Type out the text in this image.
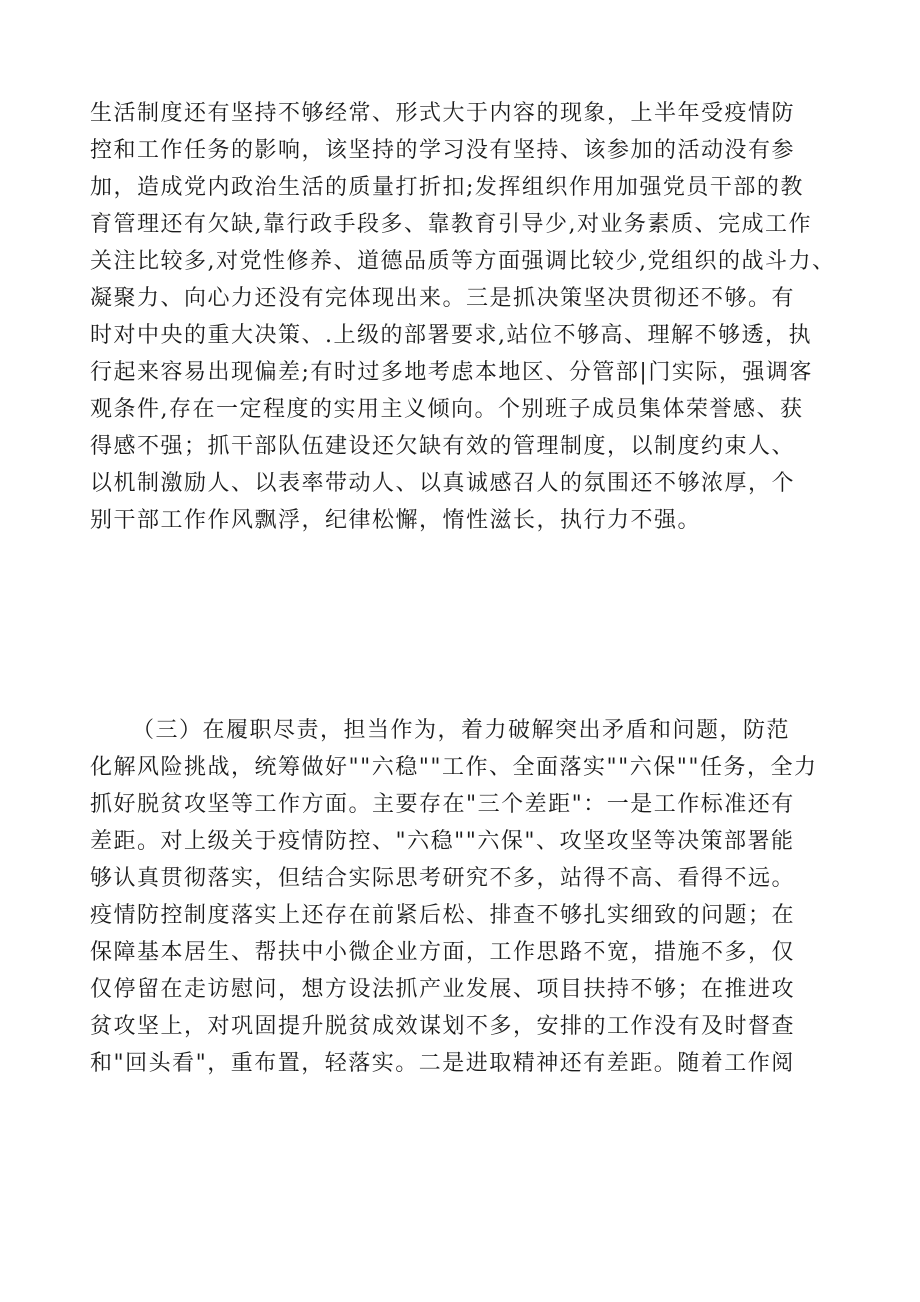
生活制度还有坚持不够经常、形式大于内容的现象，上半年受疫情防
控和工作任务的影响，该坚持的学习没有坚持、该参加的活动没有参
加，造成党内政治生活的质量打折扣;发挥组织作用加强党员干部的教
育管理还有欠缺,靠行政手段多、靠教育引导少,对业务素质、完成工作
关注比较多,对党性修养、道德品质等方面强调比较少,党组织的战斗力、
凝聚力、向心力还没有完体现出来。三是抓决策坚决贯彻还不够。有
时对中央的重大决策、.上级的部署要求,站位不够高、理解不够透，执
行起来容易出现偏差;有时过多地考虑本地区、分管部|门实际，强调客
观条件,存在一定程度的实用主义倾向。个别班子成员集体荣誉感、获
得感不强；抓干部队伍建设还欠缺有效的管理制度，以制度约束人、
以机制激励人、以表率带动人、以真诚感召人的氛围还不够浓厚，个
别干部工作作风飘浮，纪律松懈，惰性滋长，执行力不强。
（三）在履职尽责，担当作为，着力破解突出矛盾和问题，防范
化解风险挑战，统筹做好""六稳""工作、全面落实""六保""任务，全力
抓好脱贫攻坚等工作方面。主要存在"三个差距"：一是工作标准还有
差距。对上级关于疫情防控、"六稳""六保"、攻坚攻坚等决策部署能
够认真贯彻落实，但结合实际思考研究不多，站得不高、看得不远。
疫情防控制度落实上还存在前紧后松、排查不够扎实细致的问题；在
保障基本居生、帮扶中小微企业方面，工作思路不宽，措施不多，仅
仅停留在走访慰问，想方设法抓产业发展、项目扶持不够；在推进攻
贫攻坚上，对巩固提升脱贫成效谋划不多，安排的工作没有及时督查
和"回头看"，重布置，轻落实。二是进取精神还有差距。随着工作阅
